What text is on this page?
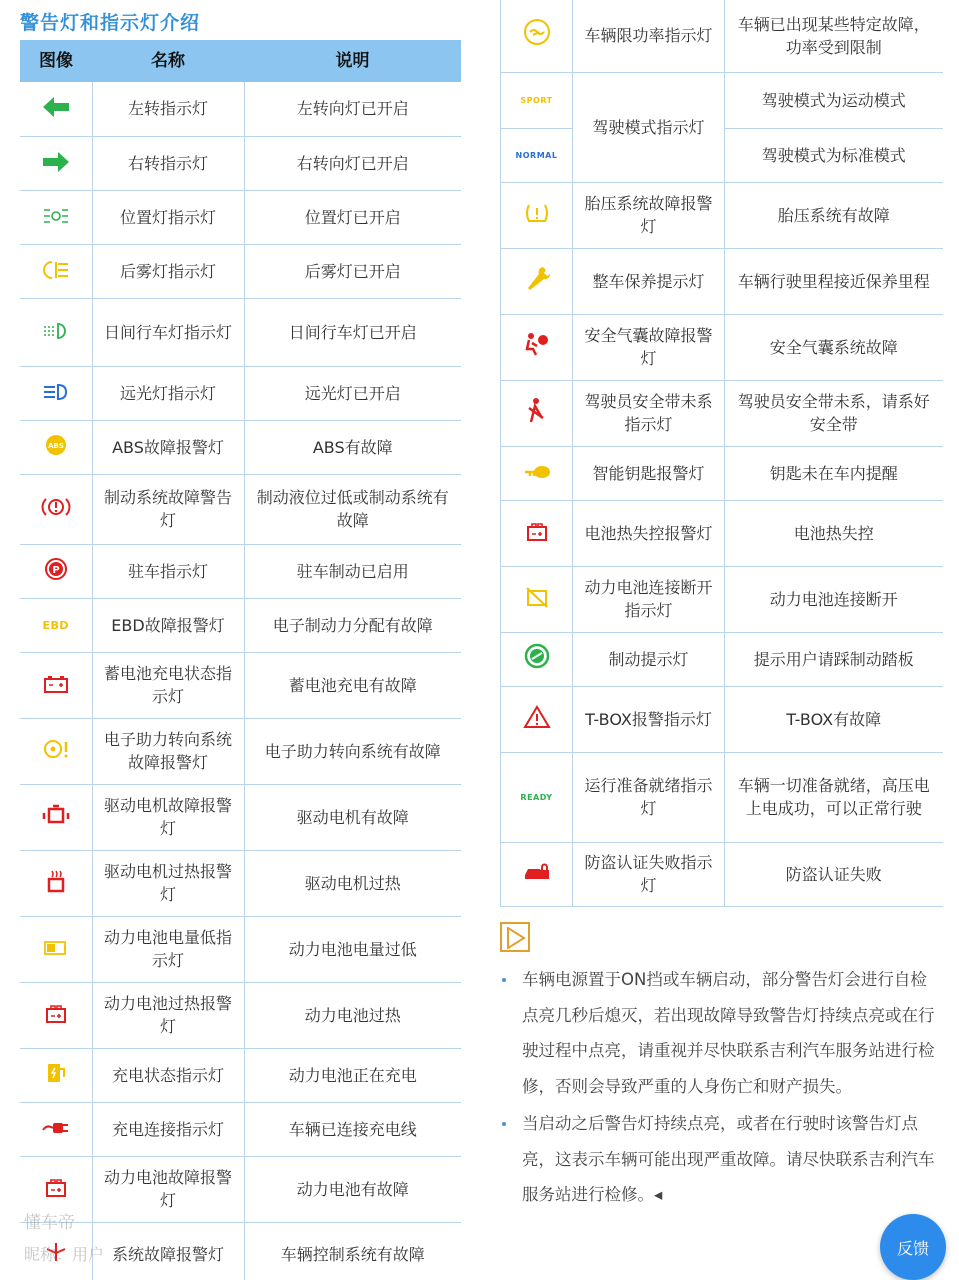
警告灯和指示灯介绍
图像	名称	说明

	左转指示灯	左转向灯已开启

	右转指示灯	右转向灯已开启

	位置灯指示灯	位置灯已开启

	后雾灯指示灯	后雾灯已开启

	日间行车灯指示灯	日间行车灯已开启

	远光灯指示灯	远光灯已开启

ABS	ABS故障报警灯	ABS有故障

	制动系统故障警告灯	制动液位过低或制动系统有故障

P	驻车指示灯	驻车制动已启用

EBD	EBD故障报警灯	电子制动力分配有故障

	蓄电池充电状态指示灯	蓄电池充电有故障

	电子助力转向系统故障报警灯	电子助力转向系统有故障

	驱动电机故障报警灯	驱动电机有故障

	驱动电机过热报警灯	驱动电机过热

	动力电池电量低指示灯	动力电池电量过低

	动力电池过热报警灯	动力电池过热

	充电状态指示灯	动力电池正在充电

	充电连接指示灯	车辆已连接充电线

	动力电池故障报警灯	动力电池有故障

	系统故障报警灯	车辆控制系统有故障
	车辆限功率指示灯	车辆已出现某些特定故障，功率受到限制

SPORT	驾驶模式指示灯	驾驶模式为运动模式

NORMAL		驾驶模式为标准模式

	胎压系统故障报警灯	胎压系统有故障

	整车保养提示灯	车辆行驶里程接近保养里程

	安全气囊故障报警灯	安全气囊系统故障

	驾驶员安全带未系指示灯	驾驶员安全带未系，请系好安全带

	智能钥匙报警灯	钥匙未在车内提醒

	电池热失控报警灯	电池热失控

	动力电池连接断开指示灯	动力电池连接断开

	制动提示灯	提示用户请踩制动踏板

	T-BOX报警指示灯	T-BOX有故障

READY	运行准备就绪指示灯	车辆一切准备就绪，高压电上电成功，可以正常行驶

	防盗认证失败指示灯	防盗认证失败
车辆电源置于ON挡或车辆启动，部分警告灯会进行自检点亮几秒后熄灭，若出现故障导致警告灯持续点亮或在行驶过程中点亮，请重视并尽快联系吉利汽车服务站进行检修，否则会导致严重的人身伤亡和财产损失。
当启动之后警告灯持续点亮，或者在行驶时该警告灯点亮，这表示车辆可能出现严重故障。请尽快联系吉利汽车服务站进行检修。◂
懂车帝
昵称：用户	反馈
